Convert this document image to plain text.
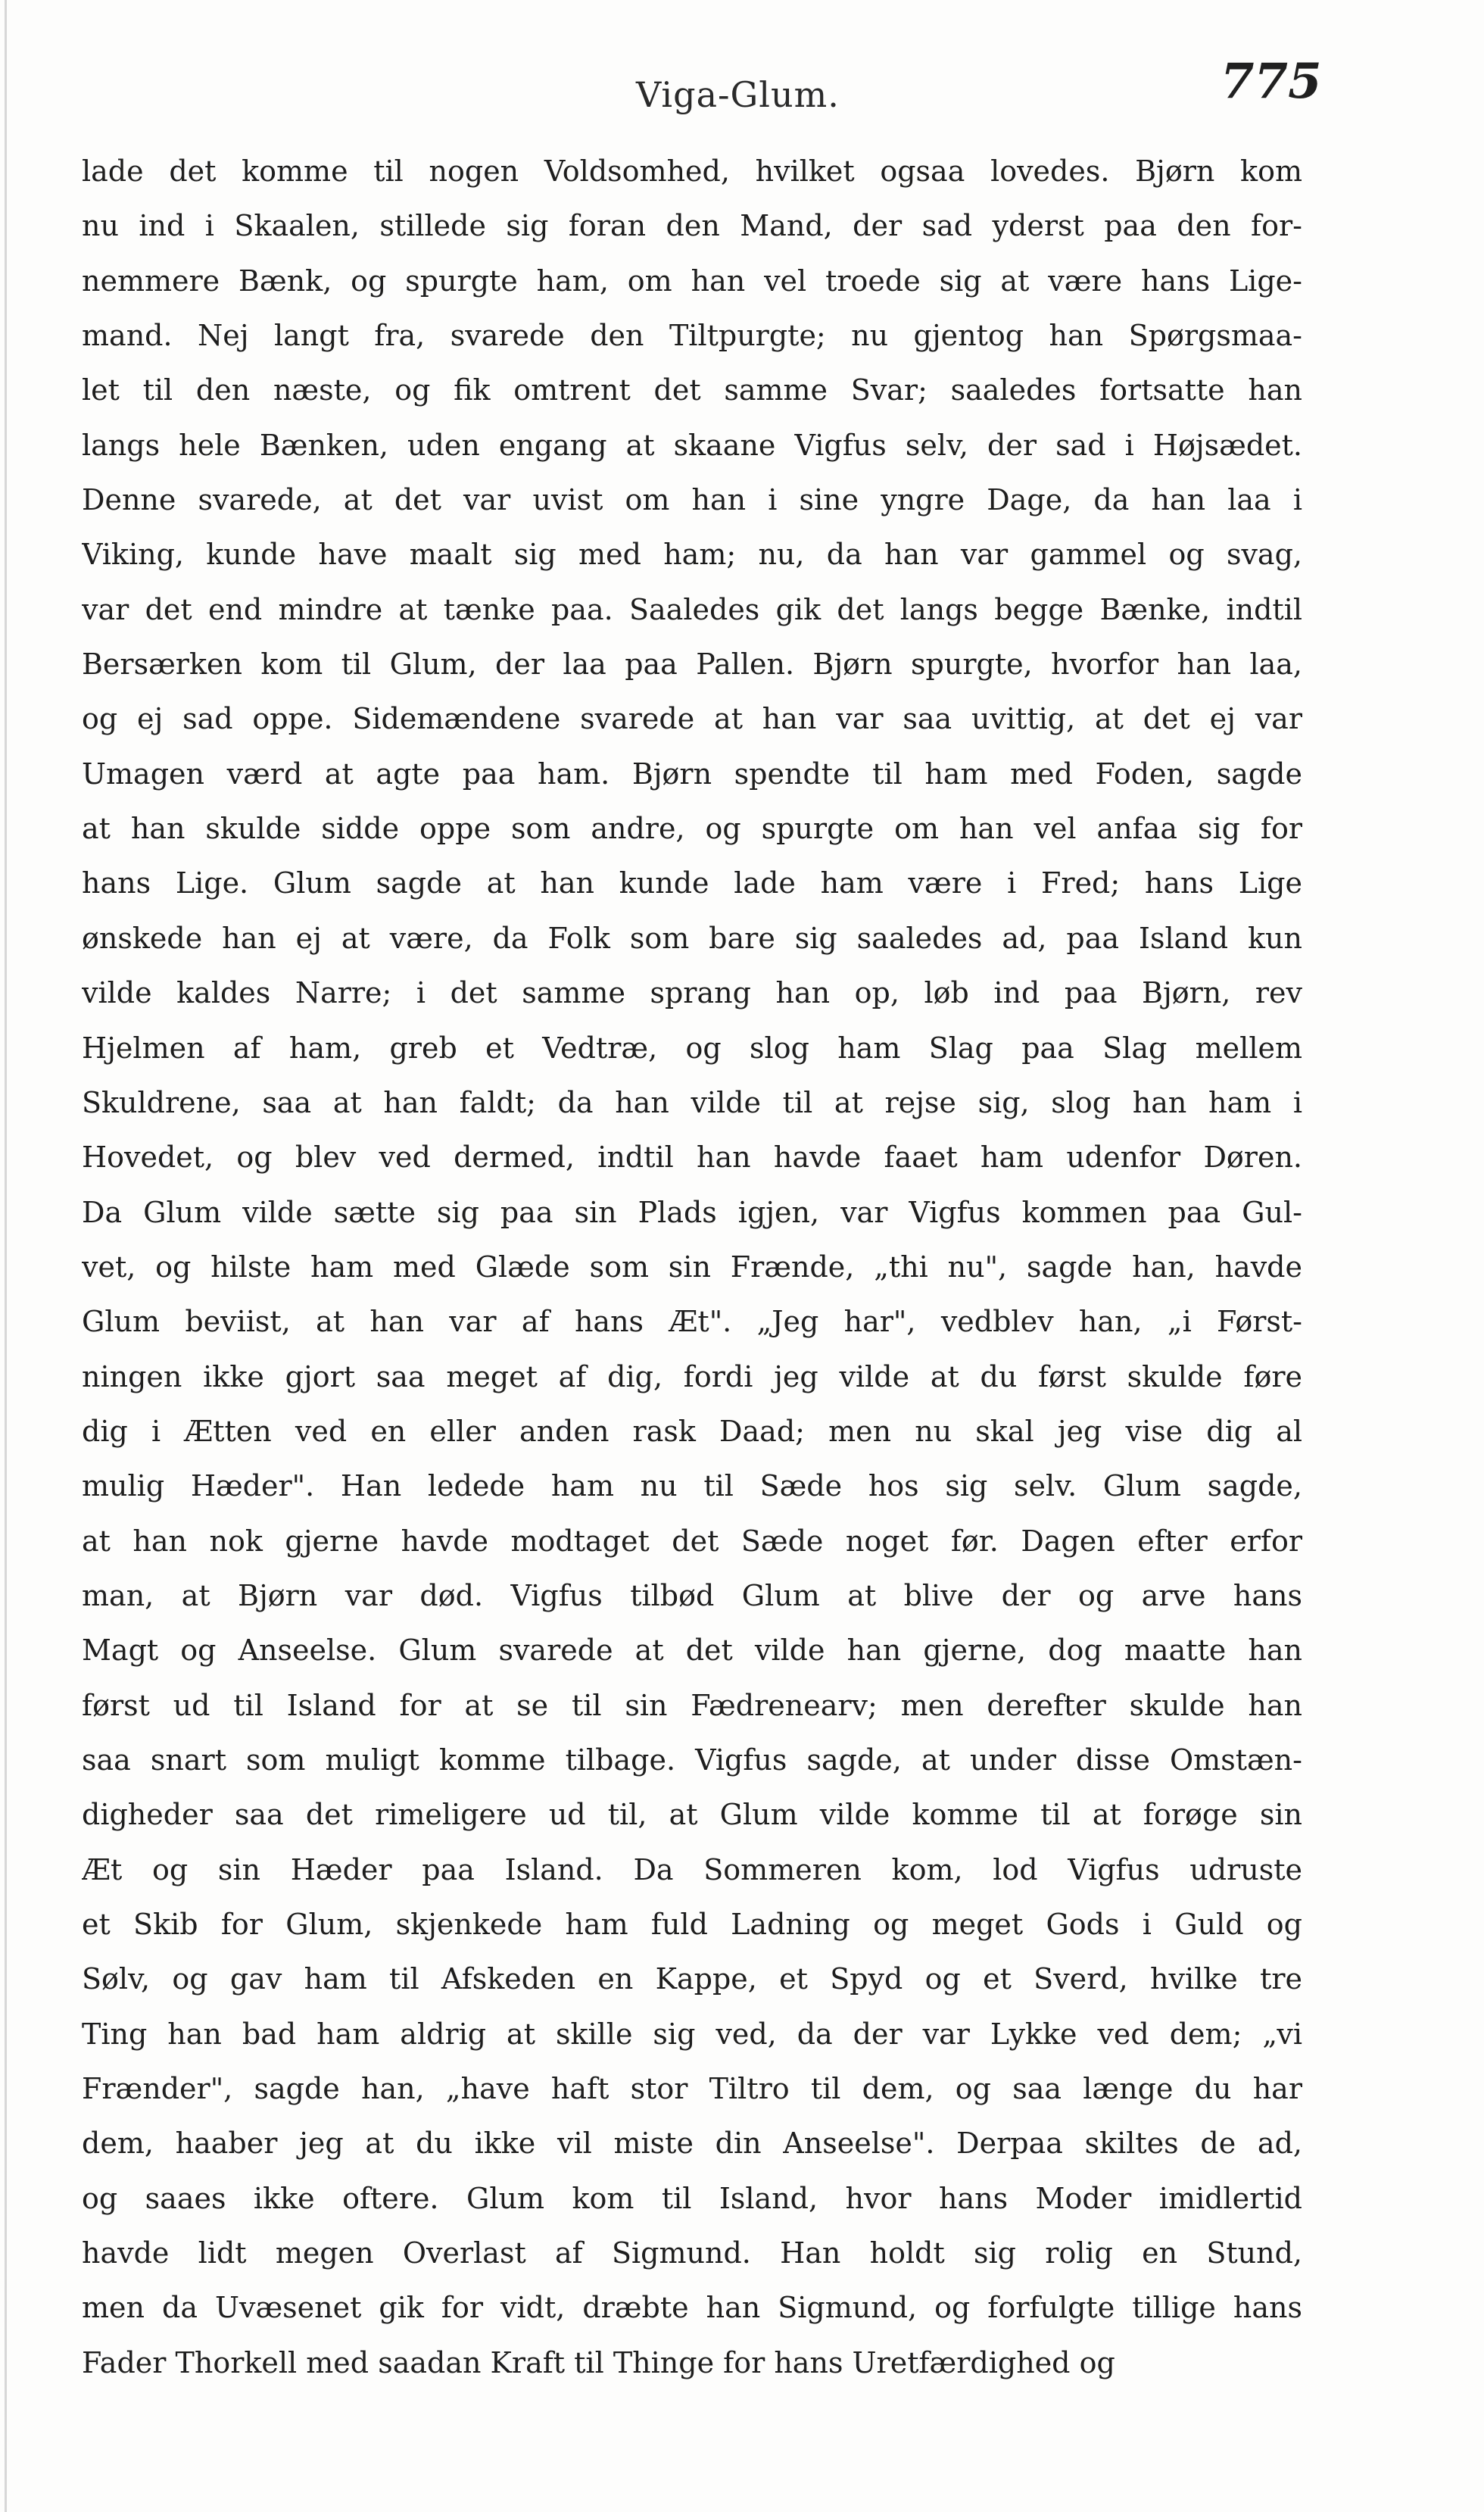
Viga-Glum.	775
lade det komme til nogen Voldsomhed, hvilket ogsaa lovedes. Bjørn kom
nu ind i Skaalen, stillede sig foran den Mand, der sad yderst paa den for-
nemmere Bænk, og spurgte ham, om han vel troede sig at være hans Lige-
mand. Nej langt fra, svarede den Tiltpurgte; nu gjentog han Spørgsmaa-
let til den næste, og fik omtrent det samme Svar; saaledes fortsatte han
langs hele Bænken, uden engang at skaane Vigfus selv, der sad i Højsædet.
Denne svarede, at det var uvist om han i sine yngre Dage, da han laa i
Viking, kunde have maalt sig med ham; nu, da han var gammel og svag,
var det end mindre at tænke paa. Saaledes gik det langs begge Bænke, indtil
Bersærken kom til Glum, der laa paa Pallen. Bjørn spurgte, hvorfor han laa,
og ej sad oppe. Sidemændene svarede at han var saa uvittig, at det ej var
Umagen værd at agte paa ham. Bjørn spendte til ham med Foden, sagde
at han skulde sidde oppe som andre, og spurgte om han vel anfaa sig for
hans Lige. Glum sagde at han kunde lade ham være i Fred; hans Lige
ønskede han ej at være, da Folk som bare sig saaledes ad, paa Island kun
vilde kaldes Narre; i det samme sprang han op, løb ind paa Bjørn, rev
Hjelmen af ham, greb et Vedtræ, og slog ham Slag paa Slag mellem
Skuldrene, saa at han faldt; da han vilde til at rejse sig, slog han ham i
Hovedet, og blev ved dermed, indtil han havde faaet ham udenfor Døren.
Da Glum vilde sætte sig paa sin Plads igjen, var Vigfus kommen paa Gul-
vet, og hilste ham med Glæde som sin Frænde, „thi nu", sagde han, havde
Glum beviist, at han var af hans Æt". „Jeg har", vedblev han, „i Først-
ningen ikke gjort saa meget af dig, fordi jeg vilde at du først skulde føre
dig i Ætten ved en eller anden rask Daad; men nu skal jeg vise dig al
mulig Hæder". Han ledede ham nu til Sæde hos sig selv. Glum sagde,
at han nok gjerne havde modtaget det Sæde noget før. Dagen efter erfor
man, at Bjørn var død. Vigfus tilbød Glum at blive der og arve hans
Magt og Anseelse. Glum svarede at det vilde han gjerne, dog maatte han
først ud til Island for at se til sin Fædrenearv; men derefter skulde han
saa snart som muligt komme tilbage. Vigfus sagde, at under disse Omstæn-
digheder saa det rimeligere ud til, at Glum vilde komme til at forøge sin
Æt og sin Hæder paa Island. Da Sommeren kom, lod Vigfus udruste
et Skib for Glum, skjenkede ham fuld Ladning og meget Gods i Guld og
Sølv, og gav ham til Afskeden en Kappe, et Spyd og et Sverd, hvilke tre
Ting han bad ham aldrig at skille sig ved, da der var Lykke ved dem; „vi
Frænder", sagde han, „have haft stor Tiltro til dem, og saa længe du har
dem, haaber jeg at du ikke vil miste din Anseelse". Derpaa skiltes de ad,
og saaes ikke oftere. Glum kom til Island, hvor hans Moder imidlertid
havde lidt megen Overlast af Sigmund. Han holdt sig rolig en Stund,
men da Uvæsenet gik for vidt, dræbte han Sigmund, og forfulgte tillige hans
Fader Thorkell med saadan Kraft til Thinge for hans Uretfærdighed og
